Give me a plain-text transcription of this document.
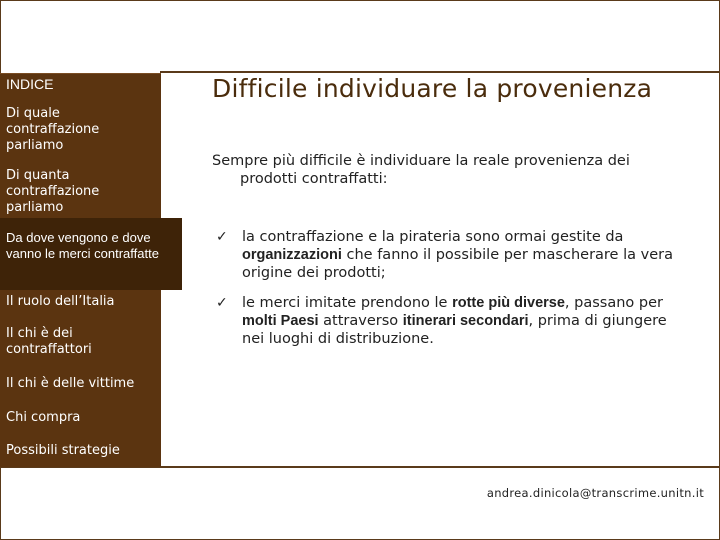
INDICE
Di quale contraffazione parliamo
Di quanta contraffazione parliamo
Da dove vengono e dove vanno le merci contraffatte
Il ruolo dell’Italia
Il chi è dei contraffattori
Il chi è delle vittime
Chi compra
Possibili strategie
Difficile individuare la provenienza

Sempre più difficile è individuare la reale provenienza dei prodotti contraffatti:

✓ la contraffazione e la pirateria sono ormai gestite da organizzazioni che fanno il possibile per mascherare la vera origine dei prodotti;

✓ le merci imitate prendono le rotte più diverse, passano per molti Paesi attraverso itinerari secondari, prima di giungere nei luoghi di distribuzione.

andrea.dinicola@transcrime.unitn.it
